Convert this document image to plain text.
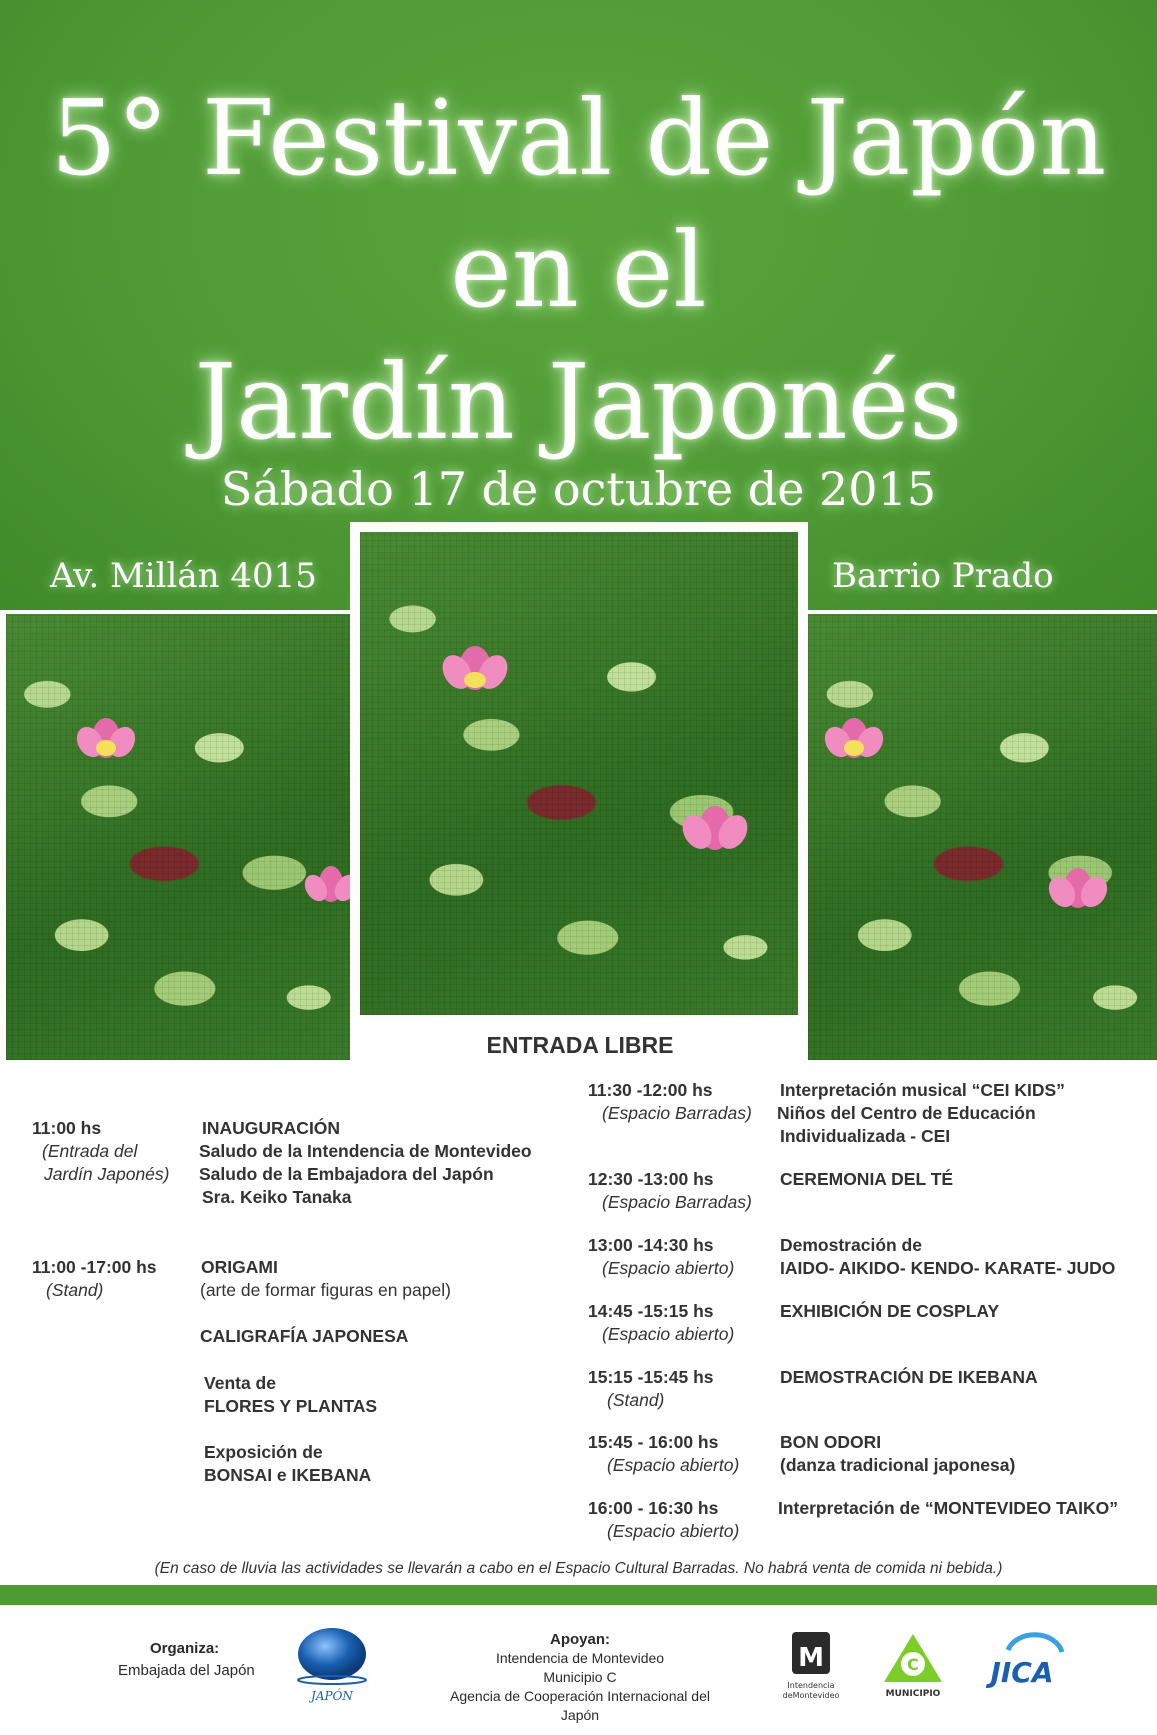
5° Festival de Japón
en el
Jardín Japonés
Sábado 17 de octubre de 2015
Av. Millán 4015	Barrio Prado
ENTRADA LIBRE
11:00 hs
(Entrada del
Jardín Japonés)
INAUGURACIÓN
Saludo de la Intendencia de Montevideo
Saludo de la Embajadora del Japón
Sra. Keiko Tanaka
11:00 -17:00 hs
(Stand)
ORIGAMI
(arte de formar figuras en papel)
CALIGRAFÍA JAPONESA
Venta de
FLORES Y PLANTAS
Exposición de
BONSAI e IKEBANA
11:30 -12:00 hs
(Espacio Barradas)
Interpretación musical “CEI KIDS”
Niños del Centro de Educación
Individualizada - CEI
12:30 -13:00 hs
(Espacio Barradas)
CEREMONIA DEL TÉ
13:00 -14:30 hs
(Espacio abierto)
Demostración de
IAIDO- AIKIDO- KENDO- KARATE- JUDO
14:45 -15:15 hs
(Espacio abierto)
EXHIBICIÓN DE COSPLAY
15:15 -15:45 hs
(Stand)
DEMOSTRACIÓN DE IKEBANA
15:45 - 16:00 hs
(Espacio abierto)
BON ODORI
(danza tradicional japonesa)
16:00 - 16:30 hs
(Espacio abierto)
Interpretación de “MONTEVIDEO TAIKO”
(En caso de lluvia las actividades se llevarán a cabo en el Espacio Cultural Barradas. No habrá venta de comida ni bebida.)
Organiza:
Embajada del Japón
JAPÓN
Apoyan:
Intendencia de Montevideo
Municipio C
Agencia de Cooperación Internacional del Japón
M
Intendencia
deMontevideo
C
MUNICIPIO
JICA
